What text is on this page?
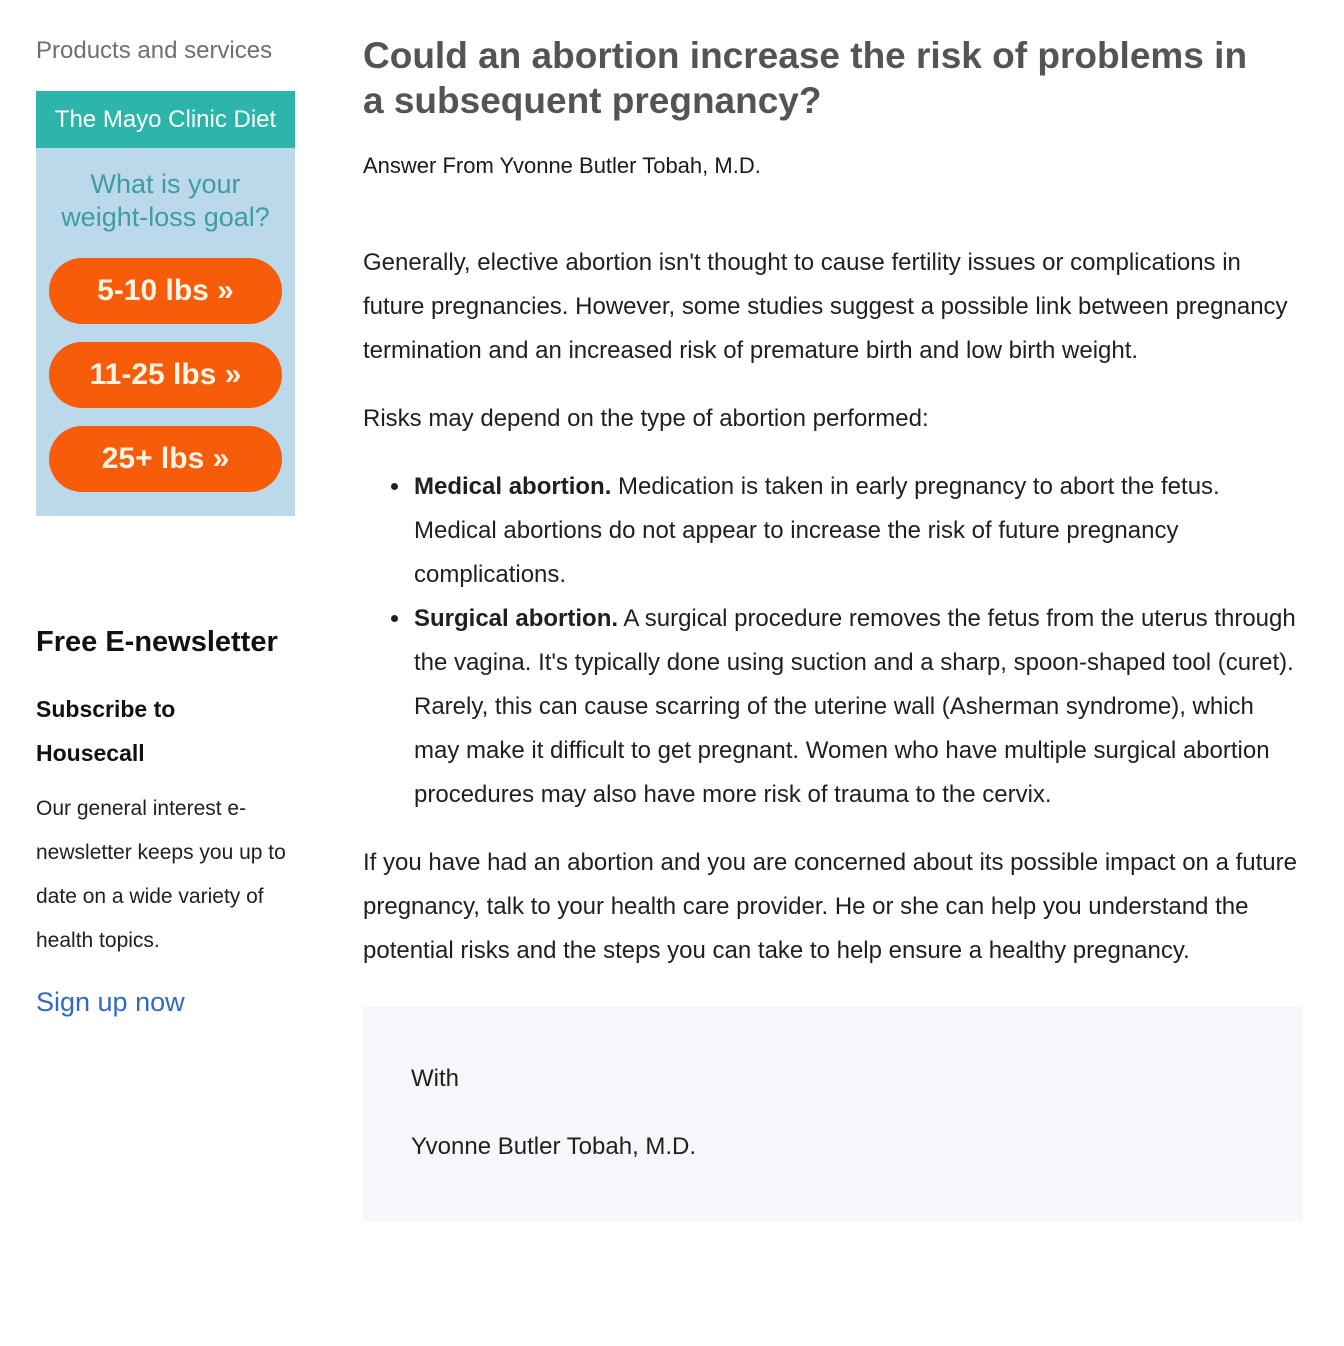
Products and services
The Mayo Clinic Diet
What is your
weight-loss goal?
5-10 lbs »
11-25 lbs »
25+ lbs »
Free E-newsletter
Subscribe to Housecall

Our general interest e-newsletter keeps you up to date on a wide variety of health topics.

Sign up now
Could an abortion increase the risk of problems in a subsequent pregnancy?

Answer From Yvonne Butler Tobah, M.D.

Generally, elective abortion isn't thought to cause fertility issues or complications in future pregnancies. However, some studies suggest a possible link between pregnancy termination and an increased risk of premature birth and low birth weight.

Risks may depend on the type of abortion performed:

• Medical abortion. Medication is taken in early pregnancy to abort the fetus. Medical abortions do not appear to increase the risk of future pregnancy complications.
• Surgical abortion. A surgical procedure removes the fetus from the uterus through the vagina. It's typically done using suction and a sharp, spoon-shaped tool (curet). Rarely, this can cause scarring of the uterine wall (Asherman syndrome), which may make it difficult to get pregnant. Women who have multiple surgical abortion procedures may also have more risk of trauma to the cervix.

If you have had an abortion and you are concerned about its possible impact on a future pregnancy, talk to your health care provider. He or she can help you understand the potential risks and the steps you can take to help ensure a healthy pregnancy.

With

Yvonne Butler Tobah, M.D.
